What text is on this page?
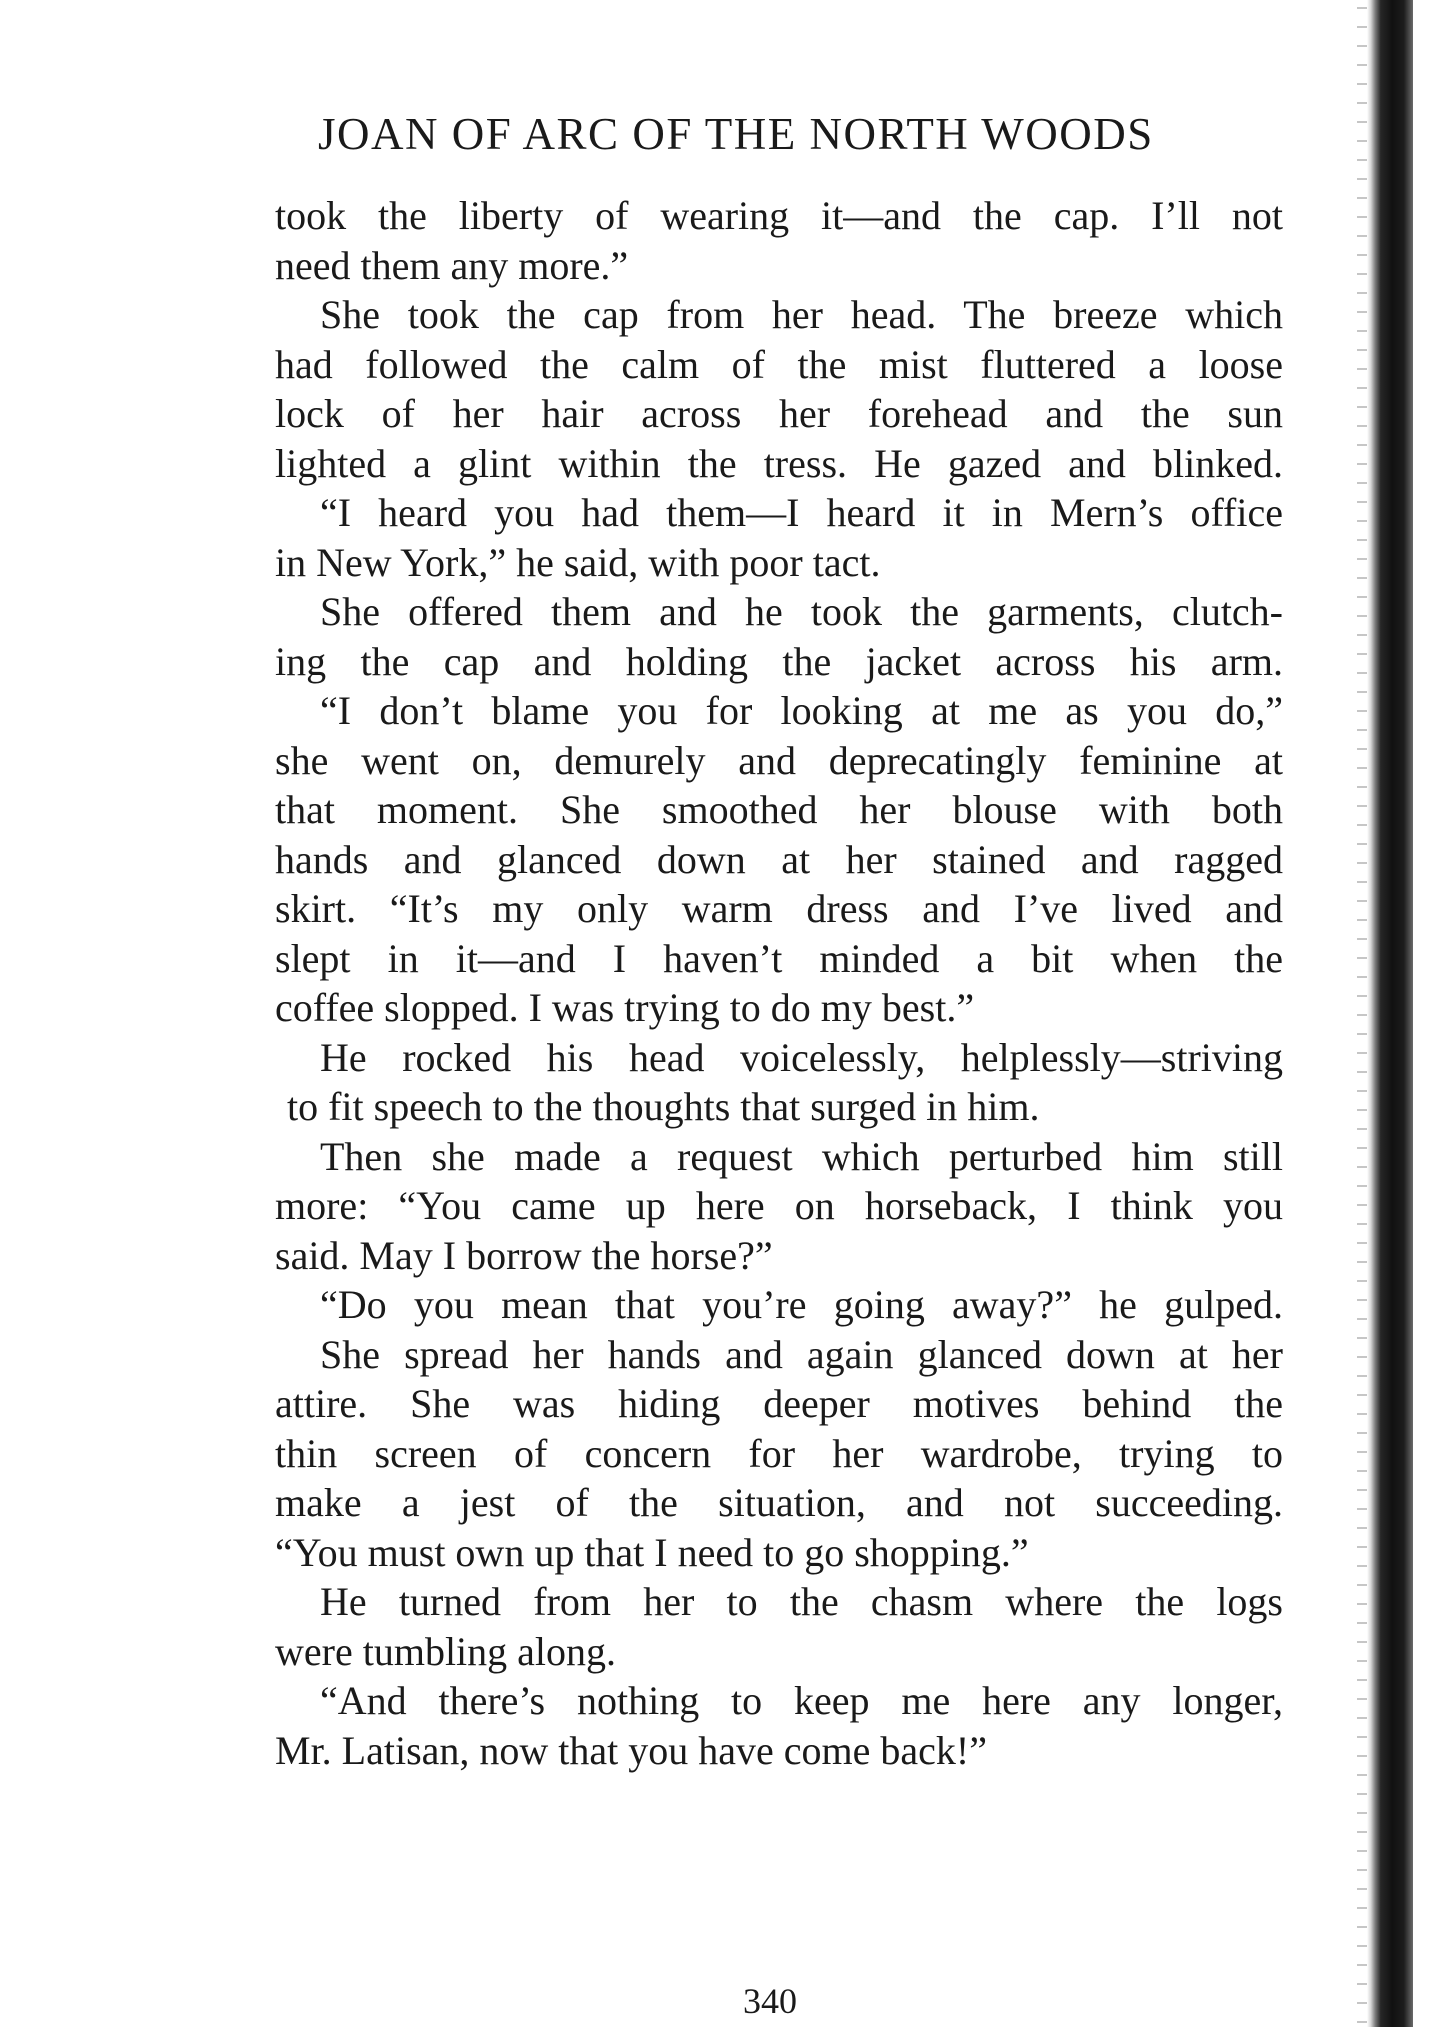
JOAN OF ARC OF THE NORTH WOODS
took the liberty of wearing it—and the cap. I’ll not
need them any more.”
She took the cap from her head. The breeze which
had followed the calm of the mist fluttered a loose
lock of her hair across her forehead and the sun
lighted a glint within the tress. He gazed and blinked.
“I heard you had them—I heard it in Mern’s office
in New York,” he said, with poor tact.
She offered them and he took the garments, clutch-
ing the cap and holding the jacket across his arm.
“I don’t blame you for looking at me as you do,”
she went on, demurely and deprecatingly feminine at
that moment. She smoothed her blouse with both
hands and glanced down at her stained and ragged
skirt. “It’s my only warm dress and I’ve lived and
slept in it—and I haven’t minded a bit when the
coffee slopped. I was trying to do my best.”
He rocked his head voicelessly, helplessly—striving
to fit speech to the thoughts that surged in him.
Then she made a request which perturbed him still
more: “You came up here on horseback, I think you
said. May I borrow the horse?”
“Do you mean that you’re going away?” he gulped.
She spread her hands and again glanced down at her
attire. She was hiding deeper motives behind the
thin screen of concern for her wardrobe, trying to
make a jest of the situation, and not succeeding.
“You must own up that I need to go shopping.”
He turned from her to the chasm where the logs
were tumbling along.
“And there’s nothing to keep me here any longer,
Mr. Latisan, now that you have come back!”
340
